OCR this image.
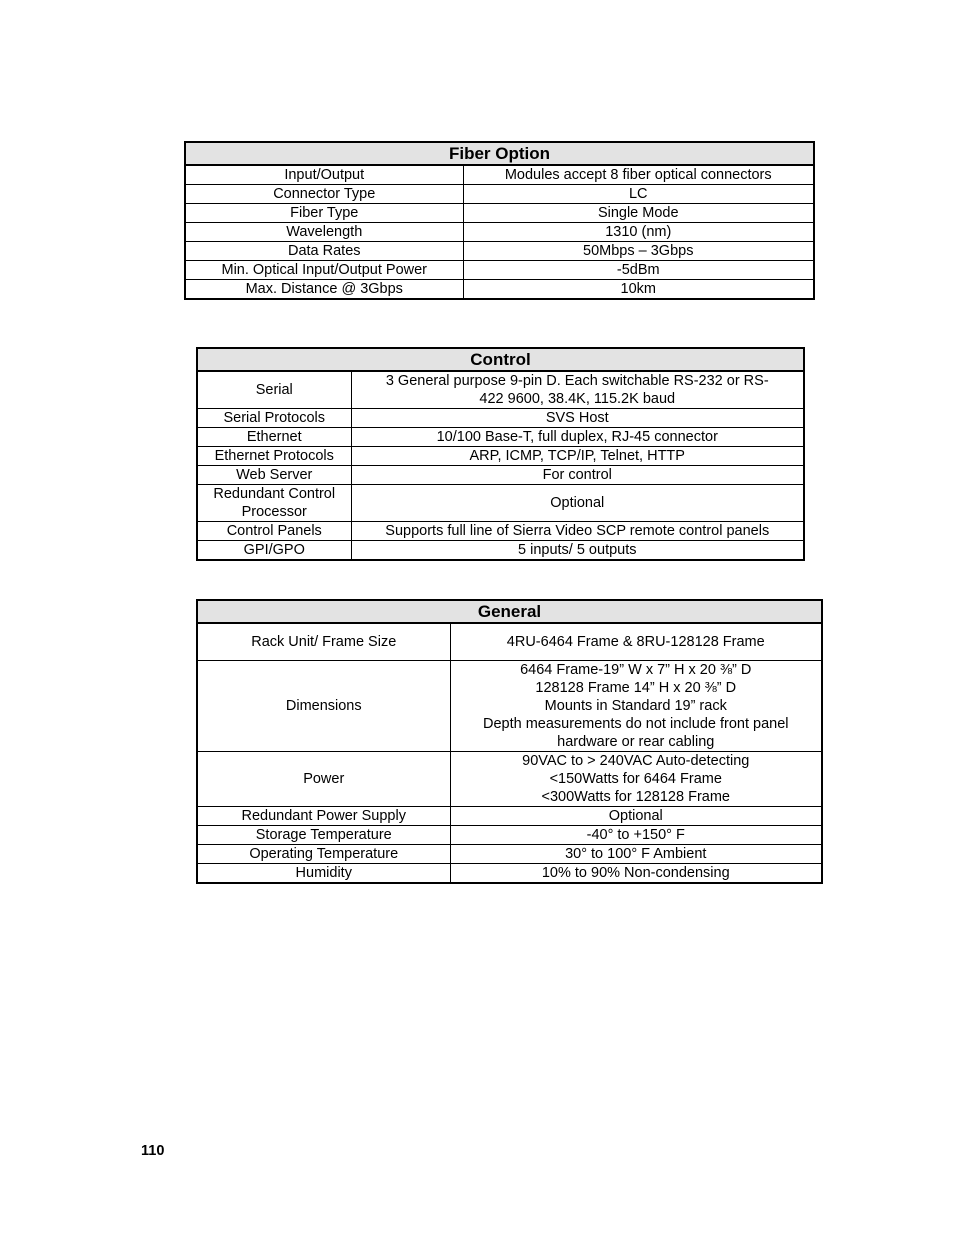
Fiber Option	
Input/Output	Modules accept 8 fiber optical connectors
Connector Type	LC
Fiber Type	Single Mode
Wavelength	1310 (nm)
Data Rates	50Mbps – 3Gbps
Min. Optical Input/Output Power	-5dBm
Max. Distance @ 3Gbps	10km
Control	
Serial	3 General purpose 9-pin D. Each switchable RS-232 or RS-
422 9600, 38.4K, 115.2K baud
Serial Protocols	SVS Host
Ethernet	10/100 Base-T, full duplex, RJ-45 connector
Ethernet Protocols	ARP, ICMP, TCP/IP, Telnet, HTTP
Web Server	For control
Redundant Control
Processor	Optional
Control Panels	Supports full line of Sierra Video SCP remote control panels
GPI/GPO	5 inputs/ 5 outputs
General	
Rack Unit/ Frame Size	4RU-6464 Frame & 8RU-128128 Frame
Dimensions	6464 Frame-19” W x 7” H x 20 ⅜” D
128128 Frame 14” H x 20 ⅜” D
Mounts in Standard 19” rack
Depth measurements do not include front panel
hardware or rear cabling
Power	90VAC to > 240VAC Auto-detecting
<150Watts for 6464 Frame
<300Watts for 128128 Frame
Redundant Power Supply	Optional
Storage Temperature	-40° to +150° F
Operating Temperature	30° to 100° F Ambient
Humidity	10% to 90% Non-condensing
110
